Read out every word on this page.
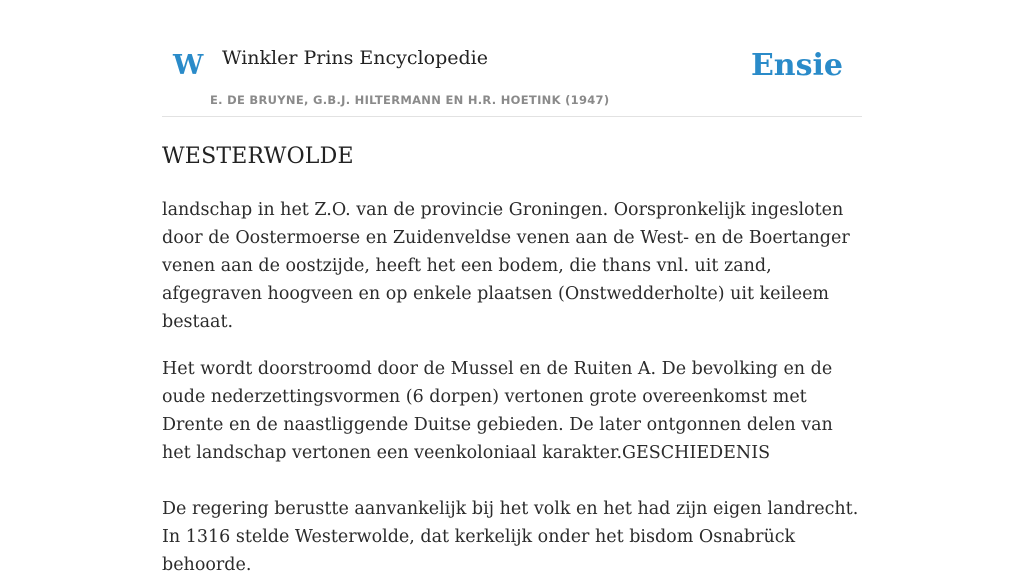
W Winkler Prins Encyclopedie
E. DE BRUYNE, G.B.J. HILTERMANN EN H.R. HOETINK (1947)
Ensie
WESTERWOLDE

landschap in het Z.O. van de provincie Groningen. Oorspronkelijk ingesloten door de Oostermoerse en Zuidenveldse venen aan de West- en de Boertanger venen aan de oostzijde, heeft het een bodem, die thans vnl. uit zand, afgegraven hoogveen en op enkele plaatsen (Onstwedderholte) uit keileem bestaat.

Het wordt doorstroomd door de Mussel en de Ruiten A. De bevolking en de oude nederzettingsvormen (6 dorpen) vertonen grote overeenkomst met Drente en de naastliggende Duitse gebieden. De later ontgonnen delen van het landschap vertonen een veenkoloniaal karakter.GESCHIEDENIS

De regering berustte aanvankelijk bij het volk en het had zijn eigen landrecht. In 1316 stelde Westerwolde, dat kerkelijk onder het bisdom Osnabrück behoorde.
